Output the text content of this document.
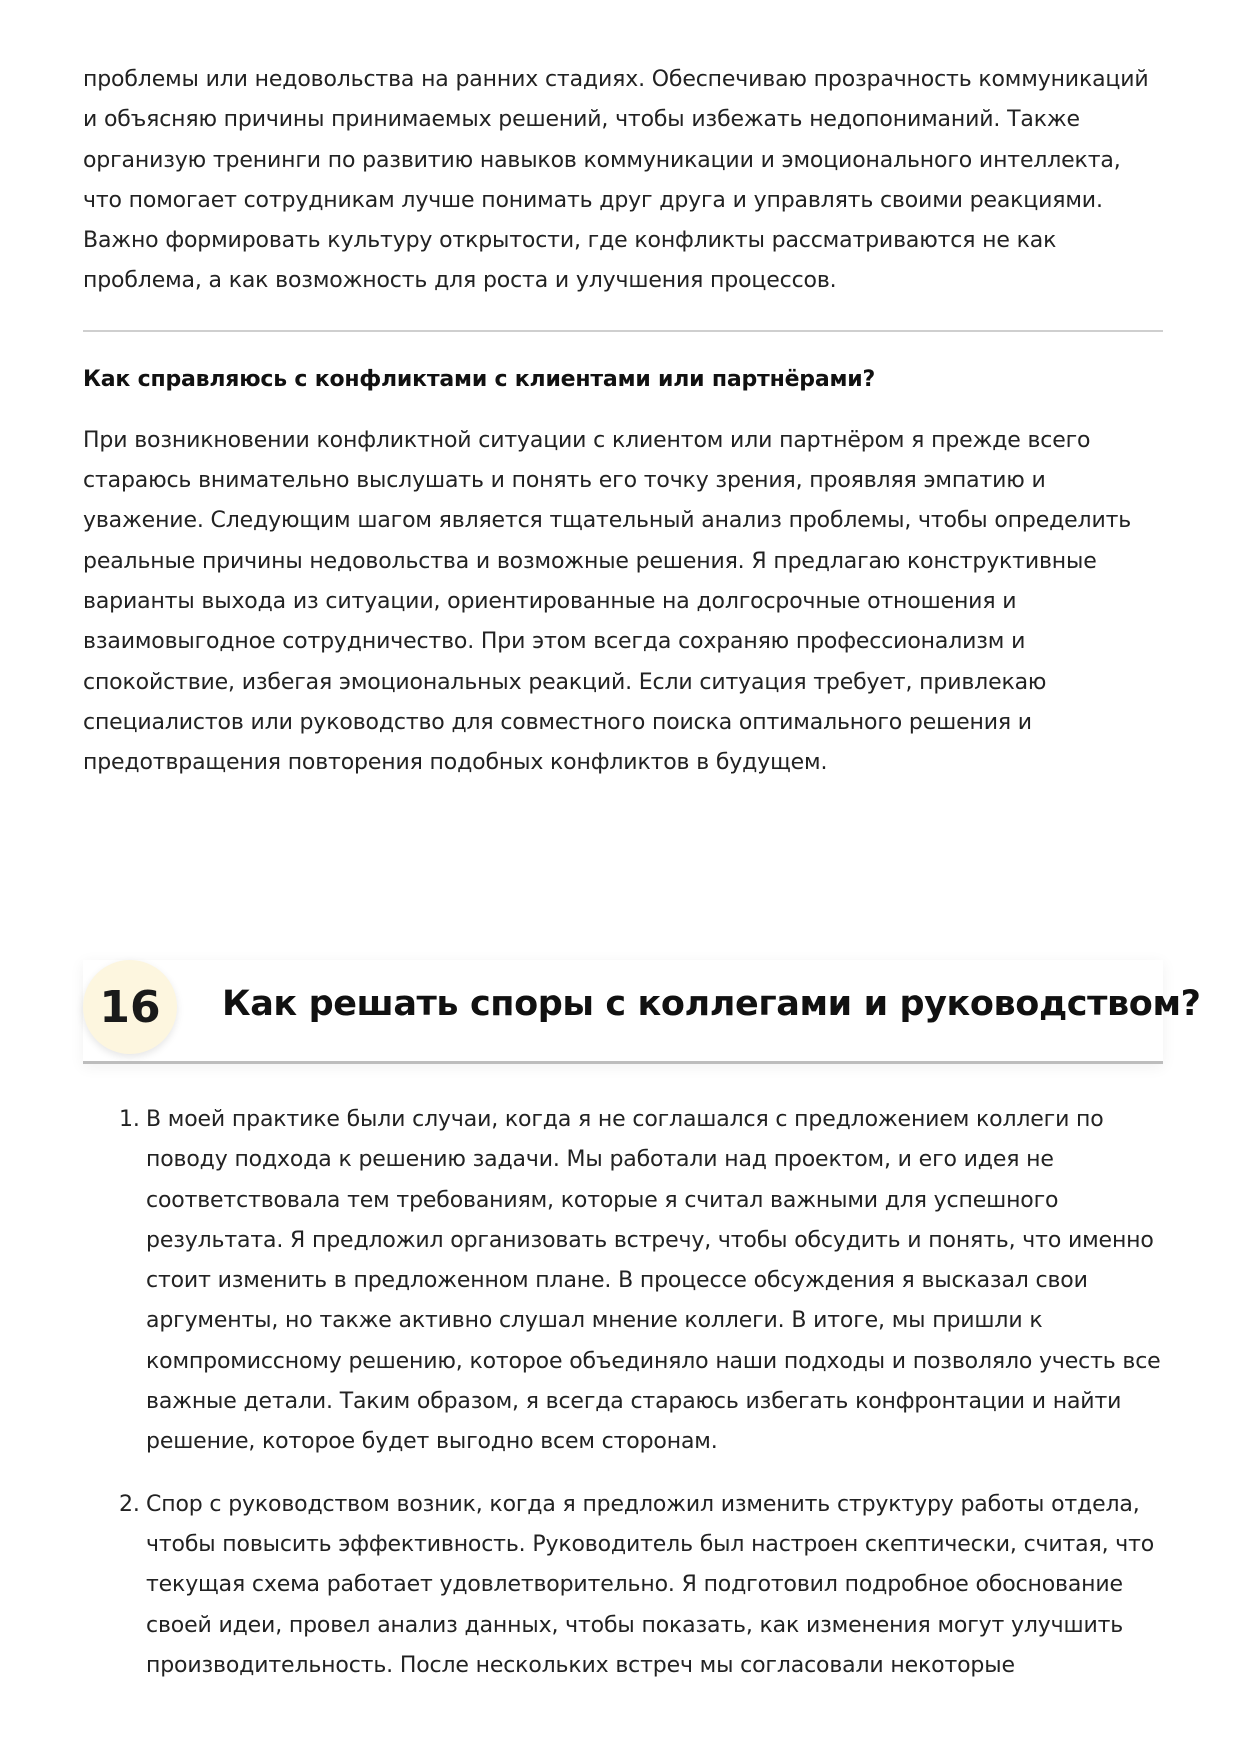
проблемы или недовольства на ранних стадиях. Обеспечиваю прозрачность коммуникаций и объясняю причины принимаемых решений, чтобы избежать недопониманий. Также организую тренинги по развитию навыков коммуникации и эмоционального интеллекта, что помогает сотрудникам лучше понимать друг друга и управлять своими реакциями. Важно формировать культуру открытости, где конфликты рассматриваются не как проблема, а как возможность для роста и улучшения процессов.

Как справляюсь с конфликтами с клиентами или партнёрами?

При возникновении конфликтной ситуации с клиентом или партнёром я прежде всего стараюсь внимательно выслушать и понять его точку зрения, проявляя эмпатию и уважение. Следующим шагом является тщательный анализ проблемы, чтобы определить реальные причины недовольства и возможные решения. Я предлагаю конструктивные варианты выхода из ситуации, ориентированные на долгосрочные отношения и взаимовыгодное сотрудничество. При этом всегда сохраняю профессионализм и спокойствие, избегая эмоциональных реакций. Если ситуация требует, привлекаю специалистов или руководство для совместного поиска оптимального решения и предотвращения повторения подобных конфликтов в будущем.

16	Как решать споры с коллегами и руководством?
1. В моей практике были случаи, когда я не соглашался с предложением коллеги по поводу подхода к решению задачи. Мы работали над проектом, и его идея не соответствовала тем требованиям, которые я считал важными для успешного результата. Я предложил организовать встречу, чтобы обсудить и понять, что именно стоит изменить в предложенном плане. В процессе обсуждения я высказал свои аргументы, но также активно слушал мнение коллеги. В итоге, мы пришли к компромиссному решению, которое объединяло наши подходы и позволяло учесть все важные детали. Таким образом, я всегда стараюсь избегать конфронтации и найти решение, которое будет выгодно всем сторонам.
2. Спор с руководством возник, когда я предложил изменить структуру работы отдела, чтобы повысить эффективность. Руководитель был настроен скептически, считая, что текущая схема работает удовлетворительно. Я подготовил подробное обоснование своей идеи, провел анализ данных, чтобы показать, как изменения могут улучшить производительность. После нескольких встреч мы согласовали некоторые
